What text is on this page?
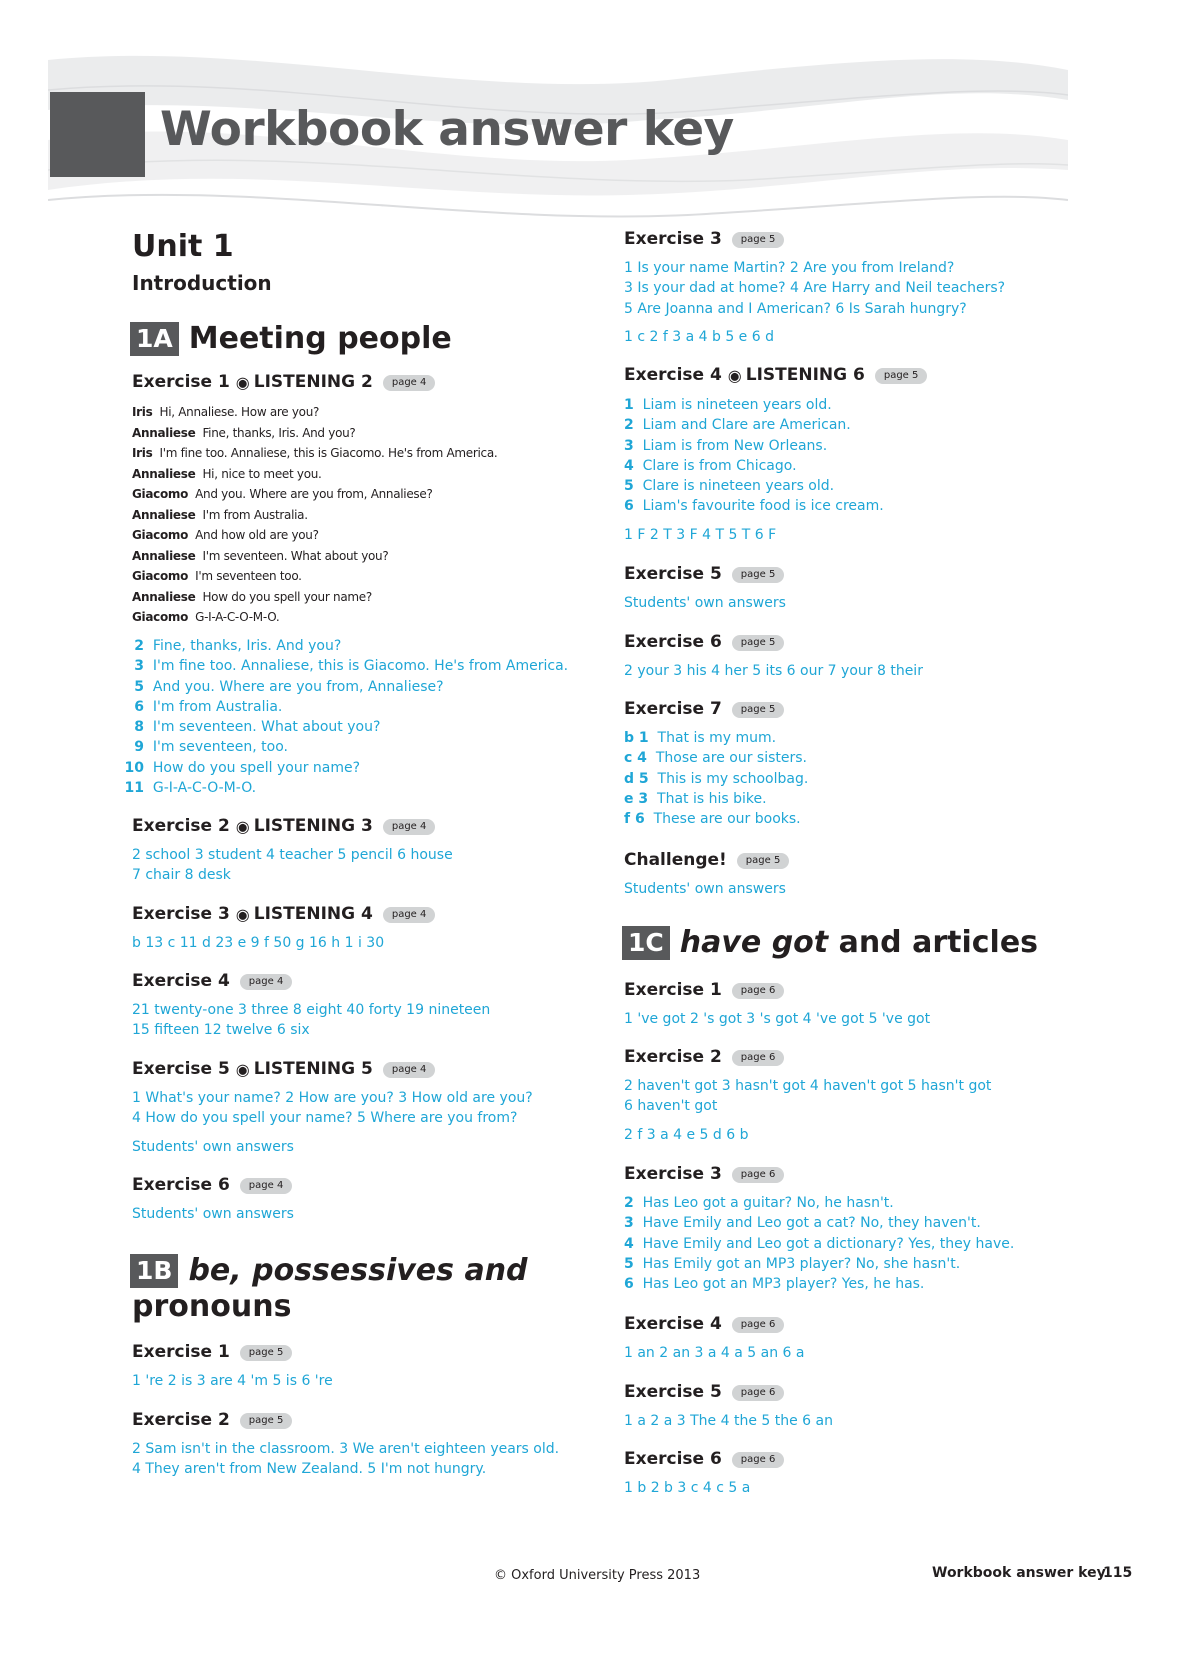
Workbook answer key
Unit 1
Introduction
1A Meeting people
Exercise 1 ◉ LISTENING 2	page 4
Iris Hi, Annaliese. How are you?
Annaliese Fine, thanks, Iris. And you?
Iris I'm fine too. Annaliese, this is Giacomo. He's from America.
Annaliese Hi, nice to meet you.
Giacomo And you. Where are you from, Annaliese?
Annaliese I'm from Australia.
Giacomo And how old are you?
Annaliese I'm seventeen. What about you?
Giacomo I'm seventeen too.
Annaliese How do you spell your name?
Giacomo G-I-A-C-O-M-O.
2 Fine, thanks, Iris. And you?
3 I'm fine too. Annaliese, this is Giacomo. He's from America.
5 And you. Where are you from, Annaliese?
6 I'm from Australia.
8 I'm seventeen. What about you?
9 I'm seventeen, too.
10 How do you spell your name?
11 G-I-A-C-O-M-O.
Exercise 2 ◉ LISTENING 3	page 4
2 school 3 student 4 teacher 5 pencil 6 house
7 chair 8 desk
Exercise 3 ◉ LISTENING 4	page 4
b 13 c 11 d 23 e 9 f 50 g 16 h 1 i 30
Exercise 4	page 4
21 twenty-one 3 three 8 eight 40 forty 19 nineteen
15 fifteen 12 twelve 6 six
Exercise 5 ◉ LISTENING 5	page 4
1 What's your name? 2 How are you? 3 How old are you?
4 How do you spell your name? 5 Where are you from?
Students' own answers
Exercise 6	page 4
Students' own answers
1B be, possessives and
pronouns
Exercise 1	page 5
1 're 2 is 3 are 4 'm 5 is 6 're
Exercise 2	page 5
2 Sam isn't in the classroom. 3 We aren't eighteen years old.
4 They aren't from New Zealand. 5 I'm not hungry.
Exercise 3	page 5
1 Is your name Martin? 2 Are you from Ireland?
3 Is your dad at home? 4 Are Harry and Neil teachers?
5 Are Joanna and I American? 6 Is Sarah hungry?
1 c 2 f 3 a 4 b 5 e 6 d
Exercise 4 ◉ LISTENING 6	page 5
1 Liam is nineteen years old.
2 Liam and Clare are American.
3 Liam is from New Orleans.
4 Clare is from Chicago.
5 Clare is nineteen years old.
6 Liam's favourite food is ice cream.
1 F 2 T 3 F 4 T 5 T 6 F
Exercise 5	page 5
Students' own answers
Exercise 6	page 5
2 your 3 his 4 her 5 its 6 our 7 your 8 their
Exercise 7	page 5
b 1 That is my mum.
c 4 Those are our sisters.
d 5 This is my schoolbag.
e 3 That is his bike.
f 6 These are our books.
Challenge!	page 5
Students' own answers
1C have got and articles
Exercise 1	page 6
1 've got 2 's got 3 's got 4 've got 5 've got
Exercise 2	page 6
2 haven't got 3 hasn't got 4 haven't got 5 hasn't got
6 haven't got
2 f 3 a 4 e 5 d 6 b
Exercise 3	page 6
2 Has Leo got a guitar? No, he hasn't.
3 Have Emily and Leo got a cat? No, they haven't.
4 Have Emily and Leo got a dictionary? Yes, they have.
5 Has Emily got an MP3 player? No, she hasn't.
6 Has Leo got an MP3 player? Yes, he has.
Exercise 4	page 6
1 an 2 an 3 a 4 a 5 an 6 a
Exercise 5	page 6
1 a 2 a 3 The 4 the 5 the 6 an
Exercise 6	page 6
1 b 2 b 3 c 4 c 5 a
© Oxford University Press 2013	Workbook answer key
115
